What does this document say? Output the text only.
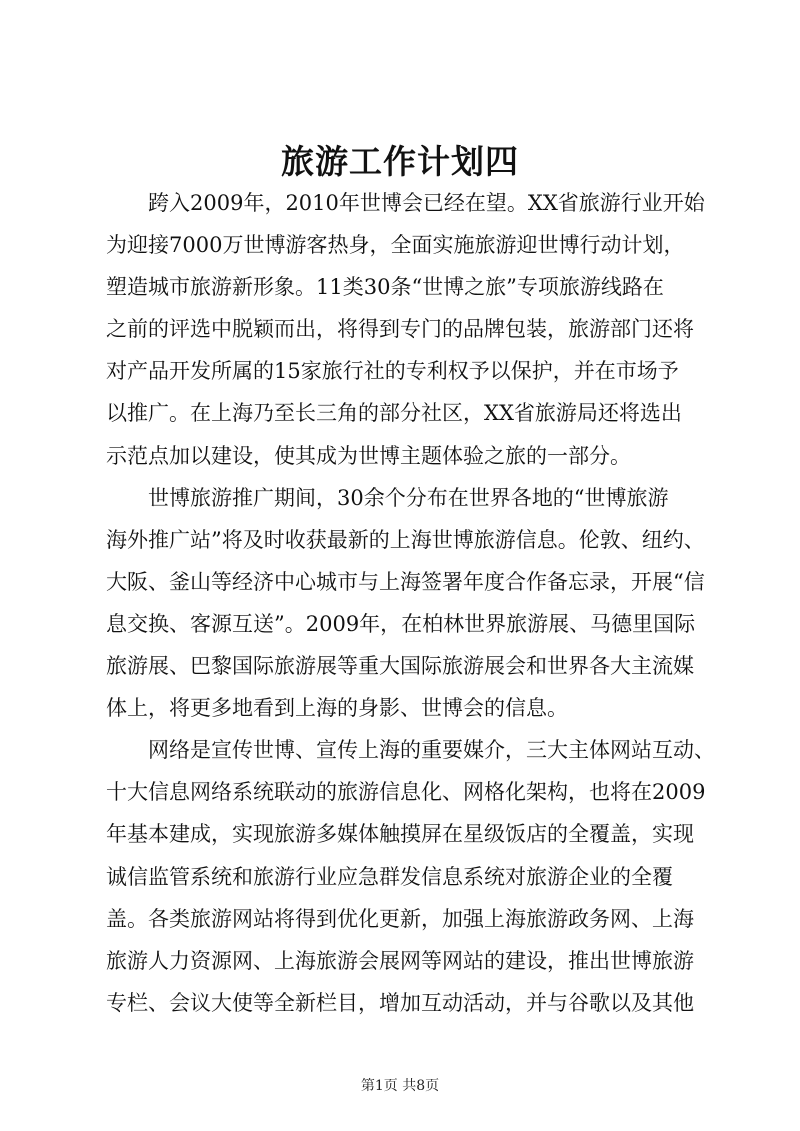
旅游工作计划四
跨入2009年，2010年世博会已经在望。XX省旅游行业开始
为迎接7000万世博游客热身，全面实施旅游迎世博行动计划，
塑造城市旅游新形象。11类30条“世博之旅”专项旅游线路在
之前的评选中脱颖而出，将得到专门的品牌包装，旅游部门还将
对产品开发所属的15家旅行社的专利权予以保护，并在市场予
以推广。在上海乃至长三角的部分社区，XX省旅游局还将选出
示范点加以建设，使其成为世博主题体验之旅的一部分。
世博旅游推广期间，30余个分布在世界各地的“世博旅游
海外推广站”将及时收获最新的上海世博旅游信息。伦敦、纽约、
大阪、釜山等经济中心城市与上海签署年度合作备忘录，开展“信
息交换、客源互送”。2009年，在柏林世界旅游展、马德里国际
旅游展、巴黎国际旅游展等重大国际旅游展会和世界各大主流媒
体上，将更多地看到上海的身影、世博会的信息。
网络是宣传世博、宣传上海的重要媒介，三大主体网站互动、
十大信息网络系统联动的旅游信息化、网格化架构，也将在2009
年基本建成，实现旅游多媒体触摸屏在星级饭店的全覆盖，实现
诚信监管系统和旅游行业应急群发信息系统对旅游企业的全覆
盖。各类旅游网站将得到优化更新，加强上海旅游政务网、上海
旅游人力资源网、上海旅游会展网等网站的建设，推出世博旅游
专栏、会议大使等全新栏目，增加互动活动，并与谷歌以及其他
第1页 共8页
